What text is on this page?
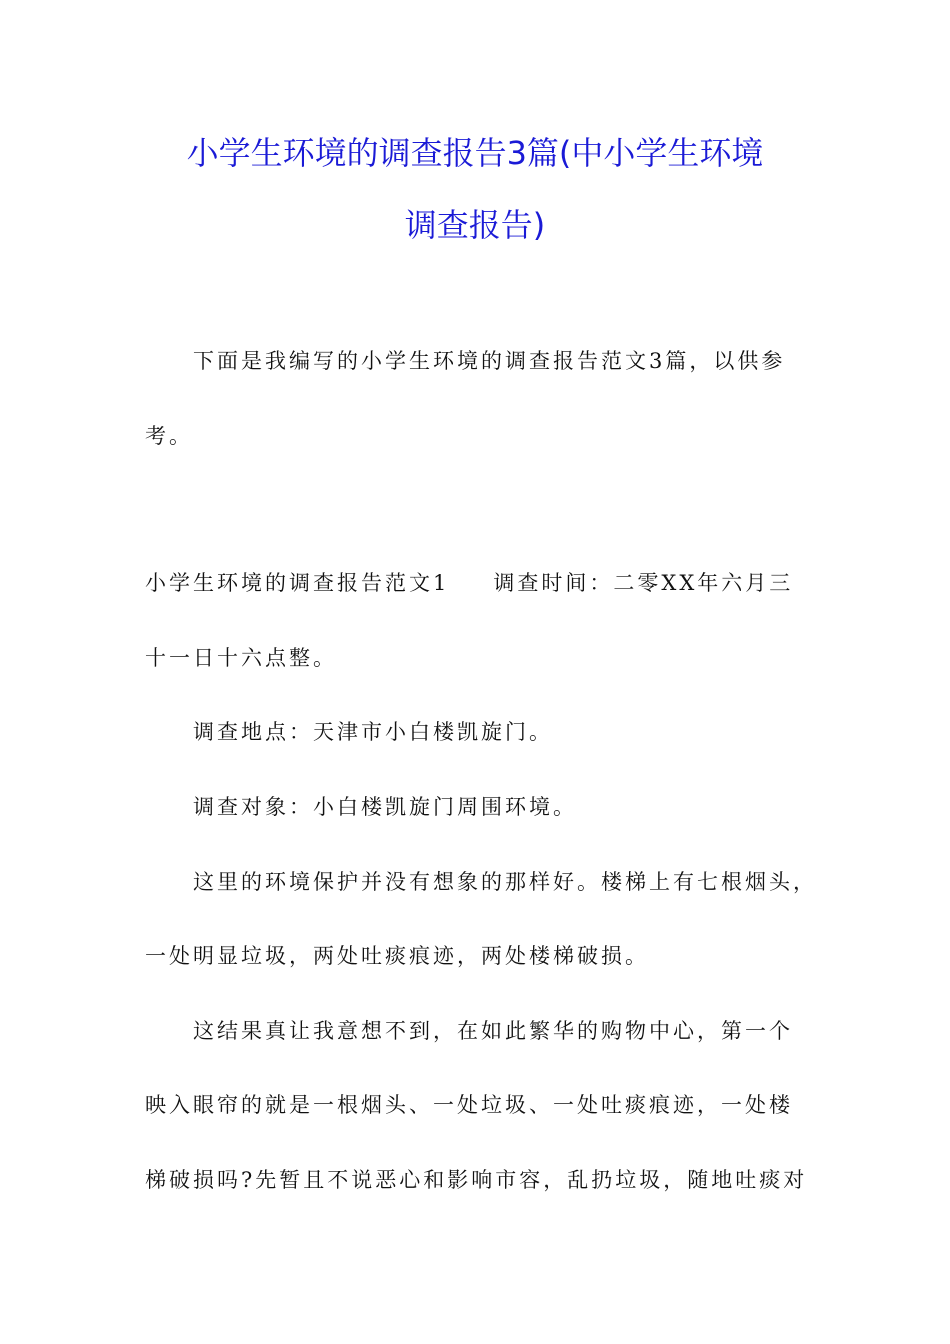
小学生环境的调查报告3篇(中小学生环境
调查报告)
下面是我编写的小学生环境的调查报告范文3篇，以供参
考。
小学生环境的调查报告范文1 调查时间：二零XX年六月三
十一日十六点整。
调查地点：天津市小白楼凯旋门。
调查对象：小白楼凯旋门周围环境。
这里的环境保护并没有想象的那样好。楼梯上有七根烟头，
一处明显垃圾，两处吐痰痕迹，两处楼梯破损。
这结果真让我意想不到，在如此繁华的购物中心，第一个
映入眼帘的就是一根烟头、一处垃圾、一处吐痰痕迹，一处楼
梯破损吗?先暂且不说恶心和影响市容，乱扔垃圾，随地吐痰对
